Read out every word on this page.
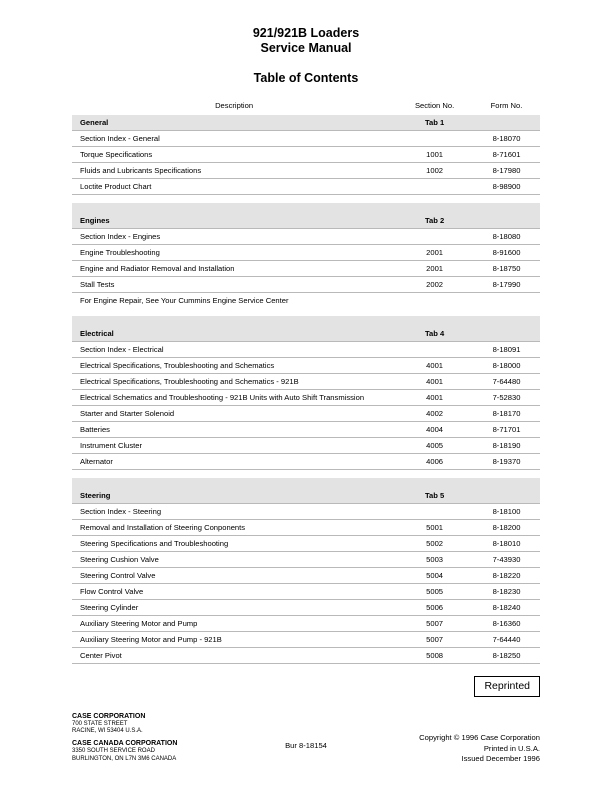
921/921B Loaders
Service Manual
Table of Contents
Description	Section No.	Form No.
General	Tab 1	
Section Index - General		8-18070
Torque Specifications	1001	8-71601
Fluids and Lubricants Specifications	1002	8-17980
Loctite Product Chart		8-98900

Engines	Tab 2	
Section Index - Engines		8-18080
Engine Troubleshooting	2001	8-91600
Engine and Radiator Removal and Installation	2001	8-18750
Stall Tests	2002	8-17990
For Engine Repair, See Your Cummins Engine Service Center		

Electrical	Tab 4	
Section Index - Electrical		8-18091
Electrical Specifications, Troubleshooting and Schematics	4001	8-18000
Electrical Specifications, Troubleshooting and Schematics - 921B	4001	7-64480
Electrical Schematics and Troubleshooting - 921B Units with Auto Shift Transmission	4001	7-52830
Starter and Starter Solenoid	4002	8-18170
Batteries	4004	8-71701
Instrument Cluster	4005	8-18190
Alternator	4006	8-19370

Steering	Tab 5	
Section Index - Steering		8-18100
Removal and Installation of Steering Conponents	5001	8-18200
Steering Specifications and Troubleshooting	5002	8-18010
Steering Cushion Valve	5003	7-43930
Steering Control Valve	5004	8-18220
Flow Control Valve	5005	8-18230
Steering Cylinder	5006	8-18240
Auxiliary Steering Motor and Pump	5007	8-16360
Auxiliary Steering Motor and Pump - 921B	5007	7-64440
Center Pivot	5008	8-18250
Reprinted
CASE CORPORATION
700 STATE STREET
RACINE, WI 53404 U.S.A.
CASE CANADA CORPORATION
3350 SOUTH SERVICE ROAD
BURLINGTON, ON L7N 3M6 CANADA
Bur 8-18154
Copyright © 1996 Case Corporation
Printed in U.S.A.
Issued December 1996
